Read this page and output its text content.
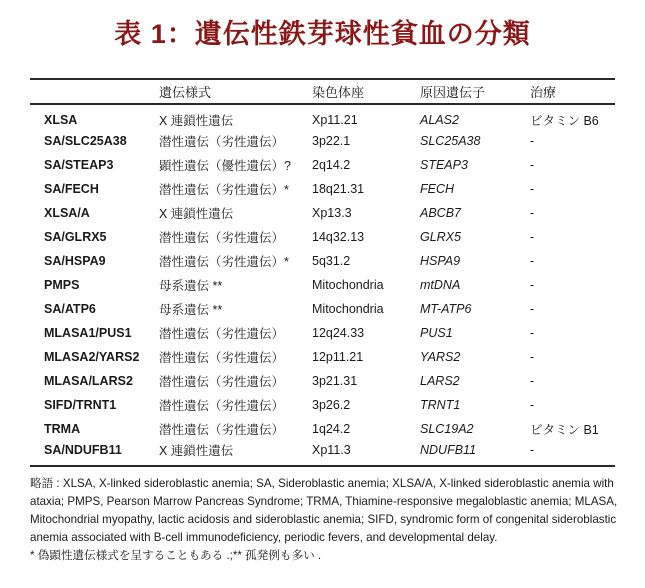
表 1：遺伝性鉄芽球性貧血の分類
	遺伝様式	染色体座	原因遺伝子	治療
XLSA	X 連鎖性遺伝	Xp11.21	ALAS2	ビタミン B6
SA/SLC25A38	潜性遺伝（劣性遺伝）	3p22.1	SLC25A38	-
SA/STEAP3	顕性遺伝（優性遺伝）?	2q14.2	STEAP3	-
SA/FECH	潜性遺伝（劣性遺伝）*	18q21.31	FECH	-
XLSA/A	X 連鎖性遺伝	Xp13.3	ABCB7	-
SA/GLRX5	潜性遺伝（劣性遺伝）	14q32.13	GLRX5	-
SA/HSPA9	潜性遺伝（劣性遺伝）*	5q31.2	HSPA9	-
PMPS	母系遺伝 **	Mitochondria	mtDNA	-
SA/ATP6	母系遺伝 **	Mitochondria	MT-ATP6	-
MLASA1/PUS1	潜性遺伝（劣性遺伝）	12q24.33	PUS1	-
MLASA2/YARS2	潜性遺伝（劣性遺伝）	12p11.21	YARS2	-
MLASA/LARS2	潜性遺伝（劣性遺伝）	3p21.31	LARS2	-
SIFD/TRNT1	潜性遺伝（劣性遺伝）	3p26.2	TRNT1	-
TRMA	潜性遺伝（劣性遺伝）	1q24.2	SLC19A2	ビタミン B1
SA/NDUFB11	X 連鎖性遺伝	Xp11.3	NDUFB11	-

略語 : XLSA, X-linked sideroblastic anemia; SA, Sideroblastic anemia; XLSA/A, X-linked sideroblastic anemia with ataxia; PMPS, Pearson Marrow Pancreas Syndrome; TRMA, Thiamine-responsive megaloblastic anemia; MLASA, Mitochondrial myopathy, lactic acidosis and sideroblastic anemia; SIFD, syndromic form of congenital sideroblastic anemia associated with B-cell immunodeficiency, periodic fevers, and developmental delay.

* 偽顕性遺伝様式を呈することもある .;** 孤発例も多い .
